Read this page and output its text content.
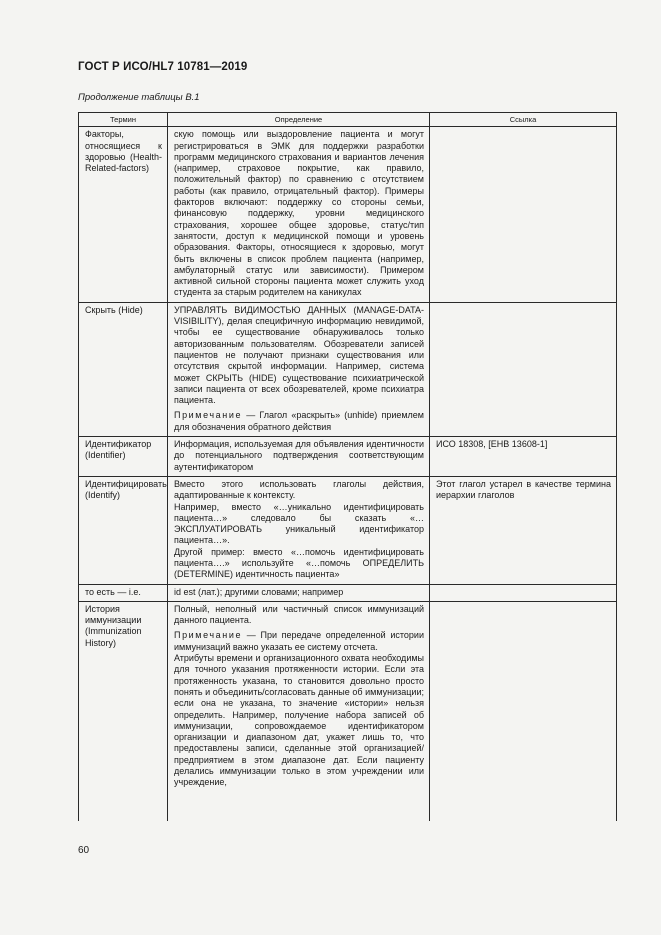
ГОСТ Р ИСО/HL7 10781—2019
Продолжение таблицы В.1
Термин	Определение	Ссылка
Факторы, относящиеся к здоровью (Health-Related-factors)	скую помощь или выздоровление пациента и могут регистрироваться в ЭМК для поддержки разработки программ медицинского страхования и вариантов лечения (например, страховое покрытие, как правило, положительный фактор) по сравнению с отсутствием работы (как правило, отрицательный фактор). Примеры факторов включают: поддержку со стороны семьи, финансовую поддержку, уровни медицинского страхования, хорошее общее здоровье, статус/тип занятости, доступ к медицинской помощи и уровень образования. Факторы, относящиеся к здоровью, могут быть включены в список проблем пациента (например, амбулаторный статус или зависимости). Примером активной сильной стороны пациента может служить уход студента за старым родителем на каникулах	

Скрыть (Hide)	УПРАВЛЯТЬ ВИДИМОСТЬЮ ДАННЫХ (MANAGE-DATA-VISIBILITY), делая специфичную информацию невидимой, чтобы ее существование обнаруживалось только авторизованным пользователям. Обозреватели записей пациентов не получают признаки существования или отсутствия скрытой информации. Например, система может СКРЫТЬ (HIDE) существование психиатрической записи пациента от всех обозревателей, кроме психиатра пациента.

Примечание — Глагол «раскрыть» (unhide) приемлем для обозначения обратного действия	

Идентификатор (Identifier)	Информация, используемая для объявления идентичности до потенциального подтверждения соответствующим аутентификатором	ИСО 18308, [ЕНВ 13608-1]
Идентифицировать (Identify)	Вместо этого использовать глаголы действия, адаптированные к контексту.

Например, вместо «…уникально идентифицировать пациента…» следовало бы сказать «… ЭКСПЛУАТИРОВАТЬ уникальный идентификатор пациента…».

Другой пример: вместо «…помочь идентифицировать пациента….» используйте «…помочь ОПРЕДЕЛИТЬ (DETERMINE) идентичность пациента»	Этот глагол устарел в качестве термина иерархии глаголов
то есть — i.e.	id est (лат.); другими словами; например	

История иммунизации (Immunization History)	Полный, неполный или частичный список иммунизаций данного пациента.

Примечание — При передаче определенной истории иммунизаций важно указать ее систему отсчета.

Атрибуты времени и организационного охвата необходимы для точного указания протяженности истории. Если эта протяженность указана, то становится довольно просто понять и объединить/согласовать данные об иммунизации; если она не указана, то значение «истории» нельзя определить. Например, получение набора записей об иммунизации, сопровождаемое идентификатором организации и диапазоном дат, укажет лишь то, что предоставлены записи, сделанные этой организацией/предприятием в этом диапазоне дат. Если пациенту делались иммунизации только в этом учреждении или учреждение,	

60
